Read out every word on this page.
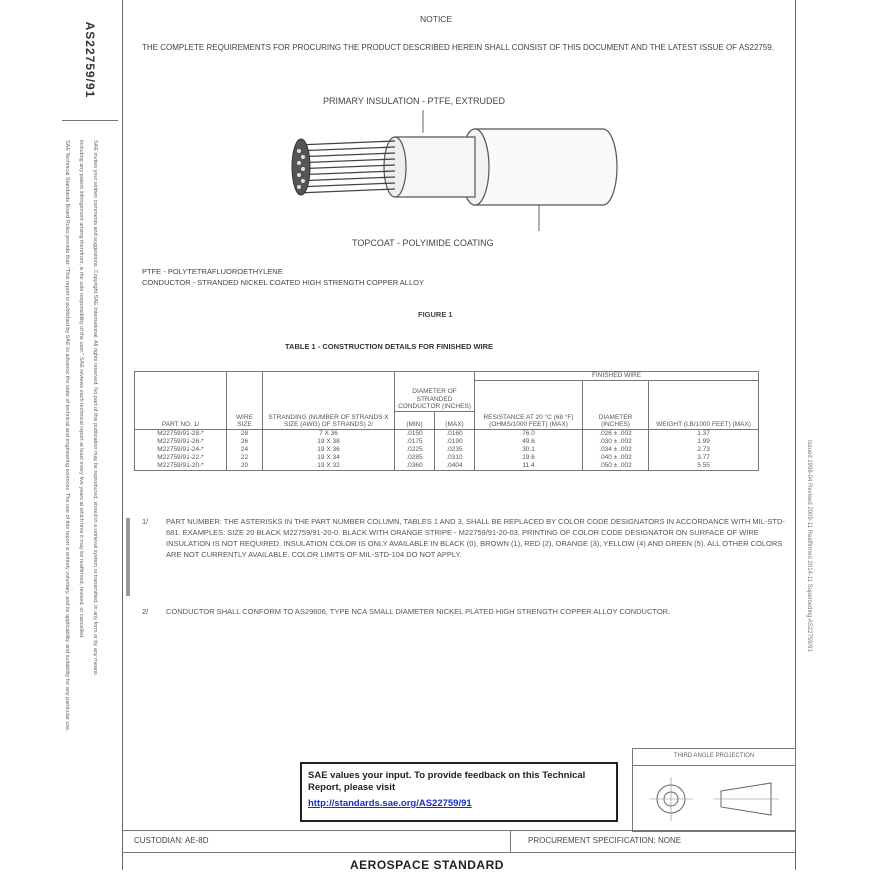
AS22759/91
SAE Technical Standards Board Rules provide that: "This report is published by SAE to advance the state of technical and engineering sciences. The use of this report is entirely voluntary, and its applicability and suitability for any particular use, including any patent infringement arising therefrom, is the sole responsibility of the user." SAE reviews each technical report at least every five years at which time it may be reaffirmed, revised, or cancelled. SAE invites your written comments and suggestions. Copyright SAE International. All rights reserved. No part of this publication may be reproduced, stored in a retrieval system or transmitted, in any form or by any means.	Issued 1998-04 Revised 2009-11 Reaffirmed 2014-11 Superseding AS22759/91
NOTICE
THE COMPLETE REQUIREMENTS FOR PROCURING THE PRODUCT DESCRIBED HEREIN SHALL CONSIST OF THIS DOCUMENT AND THE LATEST ISSUE OF AS22759.
PRIMARY INSULATION - PTFE, EXTRUDED
TOPCOAT - POLYIMIDE COATING
PTFE - POLYTETRAFLUOROETHYLENE
CONDUCTOR - STRANDED NICKEL COATED HIGH STRENGTH COPPER ALLOY
FIGURE 1
TABLE 1 - CONSTRUCTION DETAILS FOR FINISHED WIRE
PART NO. 1/	WIRE SIZE	STRANDING (NUMBER OF STRANDS X SIZE (AWG) OF STRANDS) 2/	DIAMETER OF STRANDED CONDUCTOR (INCHES)		FINISHED WIRE		
					RESISTANCE AT 20 °C (68 °F) (OHMS/1000 FEET) (MAX)	DIAMETER (INCHES)	WEIGHT (LB/1000 FEET) (MAX)
			(MIN)	(MAX)			
M22759/91-28-*	28	7 X 36	.0150	.0160	76.0	.026 ± .002	1.37
M22759/91-26-*	26	19 X 38	.0175	.0190	49.6	.030 ± .002	1.99
M22759/91-24-*	24	19 X 36	.0225	.0235	30.1	.034 ± .002	2.73
M22759/91-22-*	22	19 X 34	.0285	.0310	19.6	.040 ± .002	3.77
M22759/91-20-*	20	19 X 32	.0360	.0404	11.4	.050 ± .002	5.55
1/ PART NUMBER: THE ASTERISKS IN THE PART NUMBER COLUMN, TABLES 1 AND 3, SHALL BE REPLACED BY COLOR CODE DESIGNATORS IN ACCORDANCE WITH MIL-STD-681. EXAMPLES: SIZE 20 BLACK M22759/91-20-0. BLACK WITH ORANGE STRIPE - M22759/91-20-03. PRINTING OF COLOR CODE DESIGNATOR ON SURFACE OF WIRE INSULATION IS NOT REQUIRED. INSULATION COLOR IS ONLY AVAILABLE IN BLACK (0), BROWN (1), RED (2), ORANGE (3), YELLOW (4) AND GREEN (5). ALL OTHER COLORS ARE NOT CURRENTLY AVAILABLE. COLOR LIMITS OF MIL-STD-104 DO NOT APPLY.
2/ CONDUCTOR SHALL CONFORM TO AS29606, TYPE NCA SMALL DIAMETER NICKEL PLATED HIGH STRENGTH COPPER ALLOY CONDUCTOR.
SAE values your input. To provide feedback on this Technical Report, please visit
http://standards.sae.org/AS22759/91
THIRD ANGLE PROJECTION
CUSTODIAN: AE-8D	PROCUREMENT SPECIFICATION: NONE
AEROSPACE STANDARD
